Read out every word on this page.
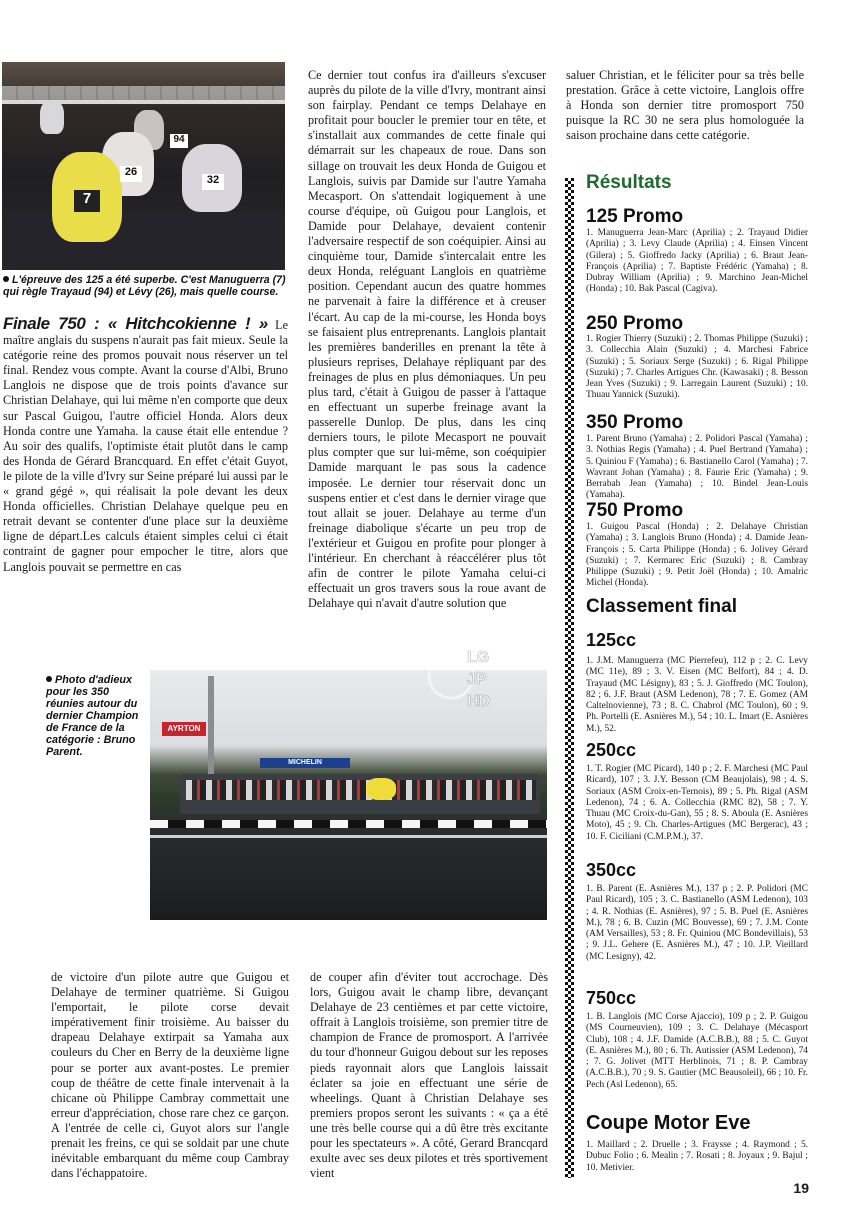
7
26
94
32
L'épreuve des 125 a été superbe. C'est Manuguerra (7) qui règle Trayaud (94) et Lévy (26), mais quelle course.

Finale 750 : « Hitchcokienne ! » Le maître anglais du suspens n'aurait pas fait mieux. Seule la catégorie reine des promos pouvait nous réserver un tel final. Rendez vous compte. Avant la course d'Albi, Bruno Langlois ne dispose que de trois points d'avance sur Christian Delahaye, qui lui même n'en comporte que deux sur Pascal Guigou, l'autre officiel Honda. Alors deux Honda contre une Yamaha. la cause était elle entendue ? Au soir des qualifs, l'optimiste était plutôt dans le camp des Honda de Gérard Brancquard. En effet c'était Guyot, le pilote de la ville d'Ivry sur Seine préparé lui aussi par le « grand gégé », qui réalisait la pole devant les deux Honda officielles. Christian Delahaye quelque peu en retrait devant se contenter d'une place sur la deuxième ligne de départ.Les calculs étaient simples celui ci était contraint de gagner pour empocher le titre, alors que Langlois pouvait se permettre en cas

Ce dernier tout confus ira d'ailleurs s'excuser auprès du pilote de la ville d'Ivry, montrant ainsi son fairplay. Pendant ce temps Delahaye en profitait pour boucler le premier tour en tête, et s'installait aux commandes de cette finale qui démarrait sur les chapeaux de roue. Dans son sillage on trouvait les deux Honda de Guigou et Langlois, suivis par Damide sur l'autre Yamaha Mecasport. On s'attendait logiquement à une course d'équipe, où Guigou pour Langlois, et Damide pour Delahaye, devaient contenir l'adversaire respectif de son coéquipier. Ainsi au cinquième tour, Damide s'intercalait entre les deux Honda, reléguant Langlois en quatrième position. Cependant aucun des quatre hommes ne parvenait à faire la différence et à creuser l'écart. Au cap de la mi-course, les Honda boys se faisaient plus entreprenants. Langlois plantait les premières banderilles en prenant la tête à plusieurs reprises, Delahaye répliquant par des freinages de plus en plus démoniaques. Un peu plus tard, c'était à Guigou de passer à l'attaque en effectuant un superbe freinage avant la passerelle Dunlop. De plus, dans les cinq derniers tours, le pilote Mecasport ne pouvait plus compter que sur lui-même, son coéquipier Damide marquant le pas sous la cadence imposée. Le dernier tour réservait donc un suspens entier et c'est dans le dernier virage que tout allait se jouer. Delahaye au terme d'un freinage diabolique s'écarte un peu trop de l'extérieur et Guigou en profite pour plonger à l'intérieur. En cherchant à réaccélérer plus tôt afin de contrer le pilote Yamaha celui-ci effectuait un gros travers sous la roue avant de Delahaye qui n'avait d'autre solution que

saluer Christian, et le féliciter pour sa très belle prestation. Grâce à cette victoire, Langlois offre à Honda son dernier titre promosport 750 puisque la RC 30 ne sera plus homologuée la saison prochaine dans cette catégorie.

Photo d'adieux pour les 350 réunies autour du dernier Champion de France de la catégorie : Bruno Parent.
AYRTON
MICHELIN
LG
JP
HD

de victoire d'un pilote autre que Guigou et Delahaye de terminer quatrième. Si Guigou l'emportait, le pilote corse devait impérativement finir troisième. Au baisser du drapeau Delahaye extirpait sa Yamaha aux couleurs du Cher en Berry de la deuxième ligne pour se porter aux avant-postes. Le premier coup de théâtre de cette finale intervenait à la chicane où Philippe Cambray commettait une erreur d'appréciation, chose rare chez ce garçon. A l'entrée de celle ci, Guyot alors sur l'angle prenait les freins, ce qui se soldait par une chute inévitable embarquant du même coup Cambray dans l'échappatoire.

de couper afin d'éviter tout accrochage. Dès lors, Guigou avait le champ libre, devançant Delahaye de 23 centièmes et par cette victoire, offrait à Langlois troisième, son premier titre de champion de France de promosport. A l'arrivée du tour d'honneur Guigou debout sur les reposes pieds rayonnait alors que Langlois laissait éclater sa joie en effectuant une série de wheelings. Quant à Christian Delahaye ses premiers propos seront les suivants : « ça a été une très belle course qui a dû être très excitante pour les spectateurs ». A côté, Gerard Brancqard exulte avec ses deux pilotes et très sportivement vient

Résultats
125 Promo
1. Manuguerra Jean-Marc (Aprilia) ; 2. Trayaud Didier (Aprilia) ; 3. Levy Claude (Aprilia) ; 4. Einsen Vincent (Gilera) ; 5. Gioffredo Jacky (Aprilia) ; 6. Braut Jean-François (Aprilia) ; 7. Baptiste Frédéric (Yamaha) ; 8. Dubray William (Aprilia) ; 9. Marchino Jean-Michel (Honda) ; 10. Bak Pascal (Cagiva).
250 Promo
1. Rogier Thierry (Suzuki) ; 2. Thomas Philippe (Suzuki) ; 3. Collecchia Alain (Suzuki) ; 4. Marchesi Fabrice (Suzuki) ; 5. Soriaux Serge (Suzuki) ; 6. Rigal Philippe (Suzuki) ; 7. Charles Artigues Chr. (Kawasaki) ; 8. Besson Jean Yves (Suzuki) ; 9. Larregain Laurent (Suzuki) ; 10. Thuau Yannick (Suzuki).
350 Promo
1. Parent Bruno (Yamaha) ; 2. Polidori Pascal (Yamaha) ; 3. Nothias Regis (Yamaha) ; 4. Puel Bertrand (Yamaha) ; 5. Quiniou F (Yamaha) ; 6. Bastianello Carol (Yamaha) ; 7. Wavrant Johan (Yamaha) ; 8. Faurie Eric (Yamaha) ; 9. Berrabah Jean (Yamaha) ; 10. Bindel Jean-Louis (Yamaha).
750 Promo
1. Guigou Pascal (Honda) ; 2. Delahaye Christian (Yamaha) ; 3. Langlois Bruno (Honda) ; 4. Damide Jean-François ; 5. Carta Philippe (Honda) ; 6. Jolivey Gérard (Suzuki) ; 7. Kermarec Eric (Suzuki) ; 8. Cambray Philippe (Suzuki) ; 9. Petit Joël (Honda) ; 10. Amalric Michel (Honda).
Classement final
125cc
1. J.M. Manuguerra (MC Pierrefeu), 112 p ; 2. C. Levy (MC 11e), 89 ; 3. V. Eisen (MC Belfort), 84 ; 4. D. Trayaud (MC Lésigny), 83 ; 5. J. Gioffredo (MC Toulon), 82 ; 6. J.F. Braut (ASM Ledenon), 78 ; 7. E. Gomez (AM Caltelnovienne), 73 ; 8. C. Chabrol (MC Toulon), 60 ; 9. Ph. Portelli (E. Asnières M.), 54 ; 10. L. Imart (E. Asnières M.), 52.
250cc
1. T. Rogier (MC Picard), 140 p ; 2. F. Marchesi (MC Paul Ricard), 107 ; 3. J.Y. Besson (CM Beaujolais), 98 ; 4. S. Soriaux (ASM Croix-en-Ternois), 89 ; 5. Ph. Rigal (ASM Ledenon), 74 ; 6. A. Collecchia (RMC 82), 58 ; 7. Y. Thuau (MC Croix-du-Gan), 55 ; 8. S. Aboula (E. Asnières Moto), 45 ; 9. Ch. Charles-Artigues (MC Bergerac), 43 ; 10. F. Ciciliani (C.M.P.M.), 37.
350cc
1. B. Parent (E. Asnières M.), 137 p ; 2. P. Polidori (MC Paul Ricard), 105 ; 3. C. Bastianello (ASM Ledenon), 103 ; 4. R. Nothias (E. Asnières), 97 ; 5. B. Puel (E. Asnières M.), 78 ; 6. B. Cuzin (MC Bouvesse), 69 ; 7. J.M. Conte (AM Versailles), 53 ; 8. Fr. Quiniou (MC Bondevillais), 53 ; 9. J.L. Gehere (E. Asnières M.), 47 ; 10. J.P. Vieillard (MC Lesigny), 42.
750cc
1. B. Langlois (MC Corse Ajaccio), 109 p ; 2. P. Guigou (MS Courneuvien), 109 ; 3. C. Delahaye (Mécasport Club), 108 ; 4. J.F. Damide (A.C.B.B.), 88 ; 5. C. Guyot (E. Asnières M.), 80 ; 6. Th. Autissier (ASM Ledenon), 74 ; 7. G. Jolivet (MTT Herblinois, 71 ; 8. P. Cambray (A.C.B.B.), 70 ; 9. S. Gautier (MC Beausoleil), 66 ; 10. Fr. Pech (Asl Ledenon), 65.
Coupe Motor Eve
1. Maillard ; 2. Druelle ; 3. Fraysse ; 4. Raymond ; 5. Dubuc Folio ; 6. Mealin ; 7. Rosati ; 8. Joyaux ; 9. Bajul ; 10. Metivier.
19
